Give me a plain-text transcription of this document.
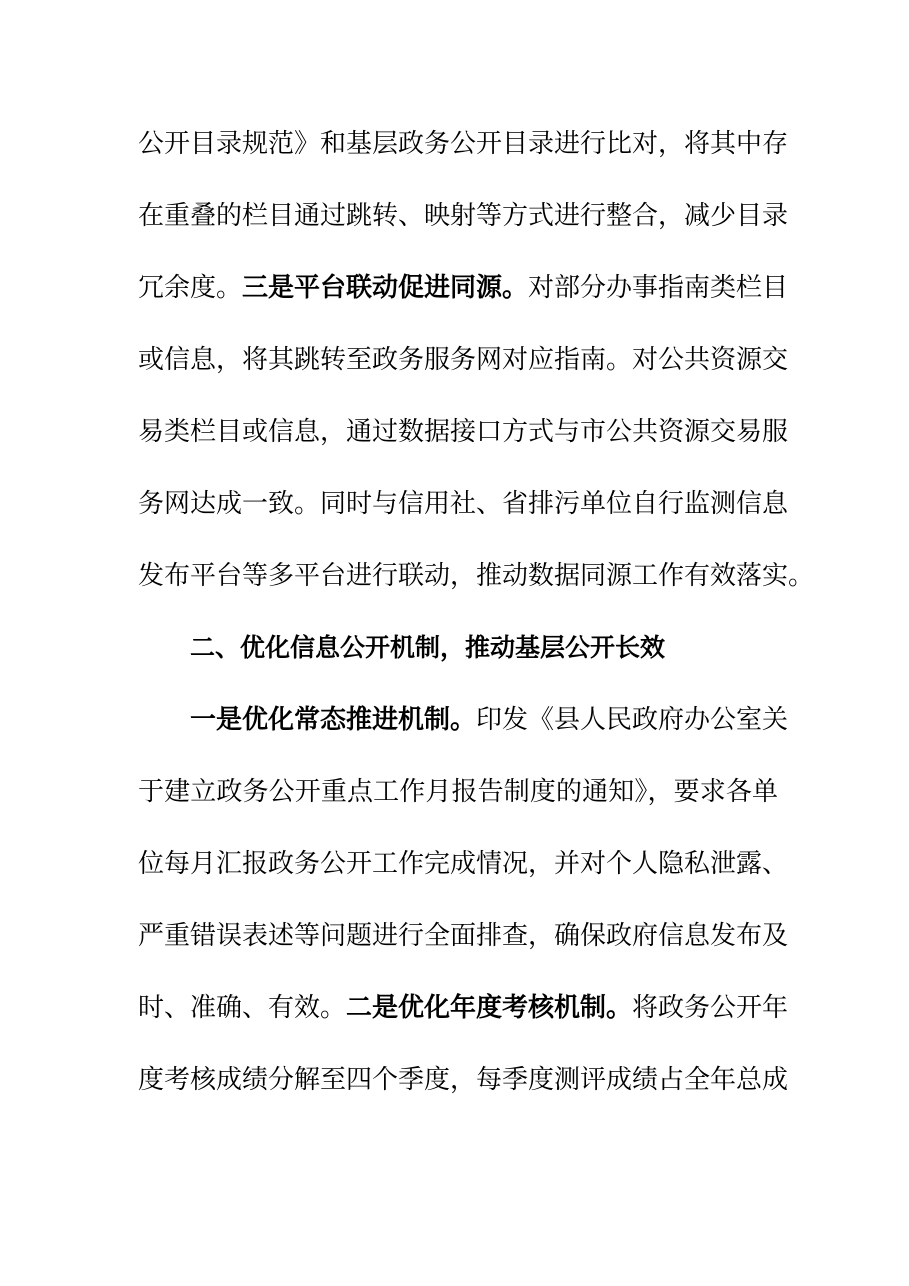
公开目录规范》和基层政务公开目录进行比对，将其中存
在重叠的栏目通过跳转、映射等方式进行整合，减少目录
冗余度。三是平台联动促进同源。对部分办事指南类栏目
或信息，将其跳转至政务服务网对应指南。对公共资源交
易类栏目或信息，通过数据接口方式与市公共资源交易服
务网达成一致。同时与信用社、省排污单位自行监测信息
发布平台等多平台进行联动，推动数据同源工作有效落实。
二、优化信息公开机制，推动基层公开长效
一是优化常态推进机制。印发《县人民政府办公室关
于建立政务公开重点工作月报告制度的通知》，要求各单
位每月汇报政务公开工作完成情况，并对个人隐私泄露、
严重错误表述等问题进行全面排查，确保政府信息发布及
时、准确、有效。二是优化年度考核机制。将政务公开年
度考核成绩分解至四个季度，每季度测评成绩占全年总成
